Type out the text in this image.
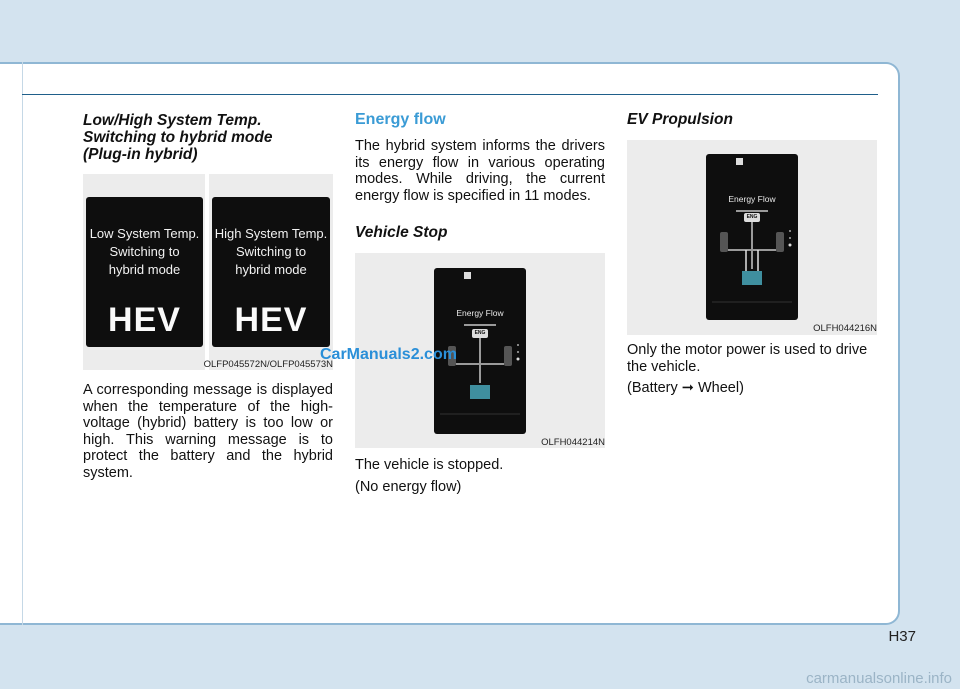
Low/High System Temp.
Switching to hybrid mode
(Plug-in hybrid)

Low System Temp.
Switching to
hybrid mode
HEV
High System Temp.
Switching to
hybrid mode
HEV
OLFP045572N/OLFP045573N

A corresponding message is displayed when the temperature of the high-voltage (hybrid) battery is too low or high. This warning message is to protect the battery and the hybrid system.

Energy flow

The hybrid system informs the drivers its energy flow in various operating modes. While driving, the current energy flow is specified in 11 modes.

Vehicle Stop

Energy Flow
ENG
OLFH044214N

The vehicle is stopped.

(No energy flow)

EV Propulsion

Energy Flow
ENG
OLFH044216N

Only the motor power is used to drive the vehicle.

(Battery ➞ Wheel)

H37
CarManuals2.com
carmanualsonline.info
